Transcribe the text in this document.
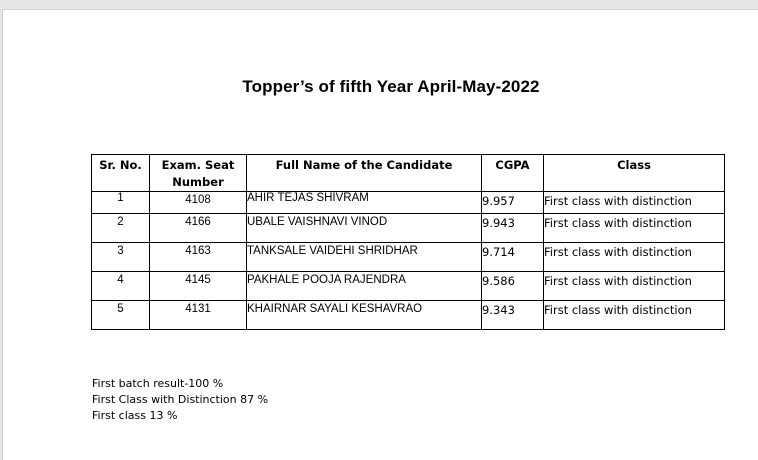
Topper’s of fifth Year April-May-2022
Sr. No.	Exam. Seat Number	Full Name of the Candidate	CGPA	Class
1	4108	AHIR TEJAS SHIVRAM	9.957	First class with distinction
2	4166	UBALE VAISHNAVI VINOD	9.943	First class with distinction
3	4163	TANKSALE VAIDEHI SHRIDHAR	9.714	First class with distinction
4	4145	PAKHALE POOJA RAJENDRA	9.586	First class with distinction
5	4131	KHAIRNAR SAYALI KESHAVRAO	9.343	First class with distinction
First batch result-100 %
First Class with Distinction 87 %
First class 13 %
